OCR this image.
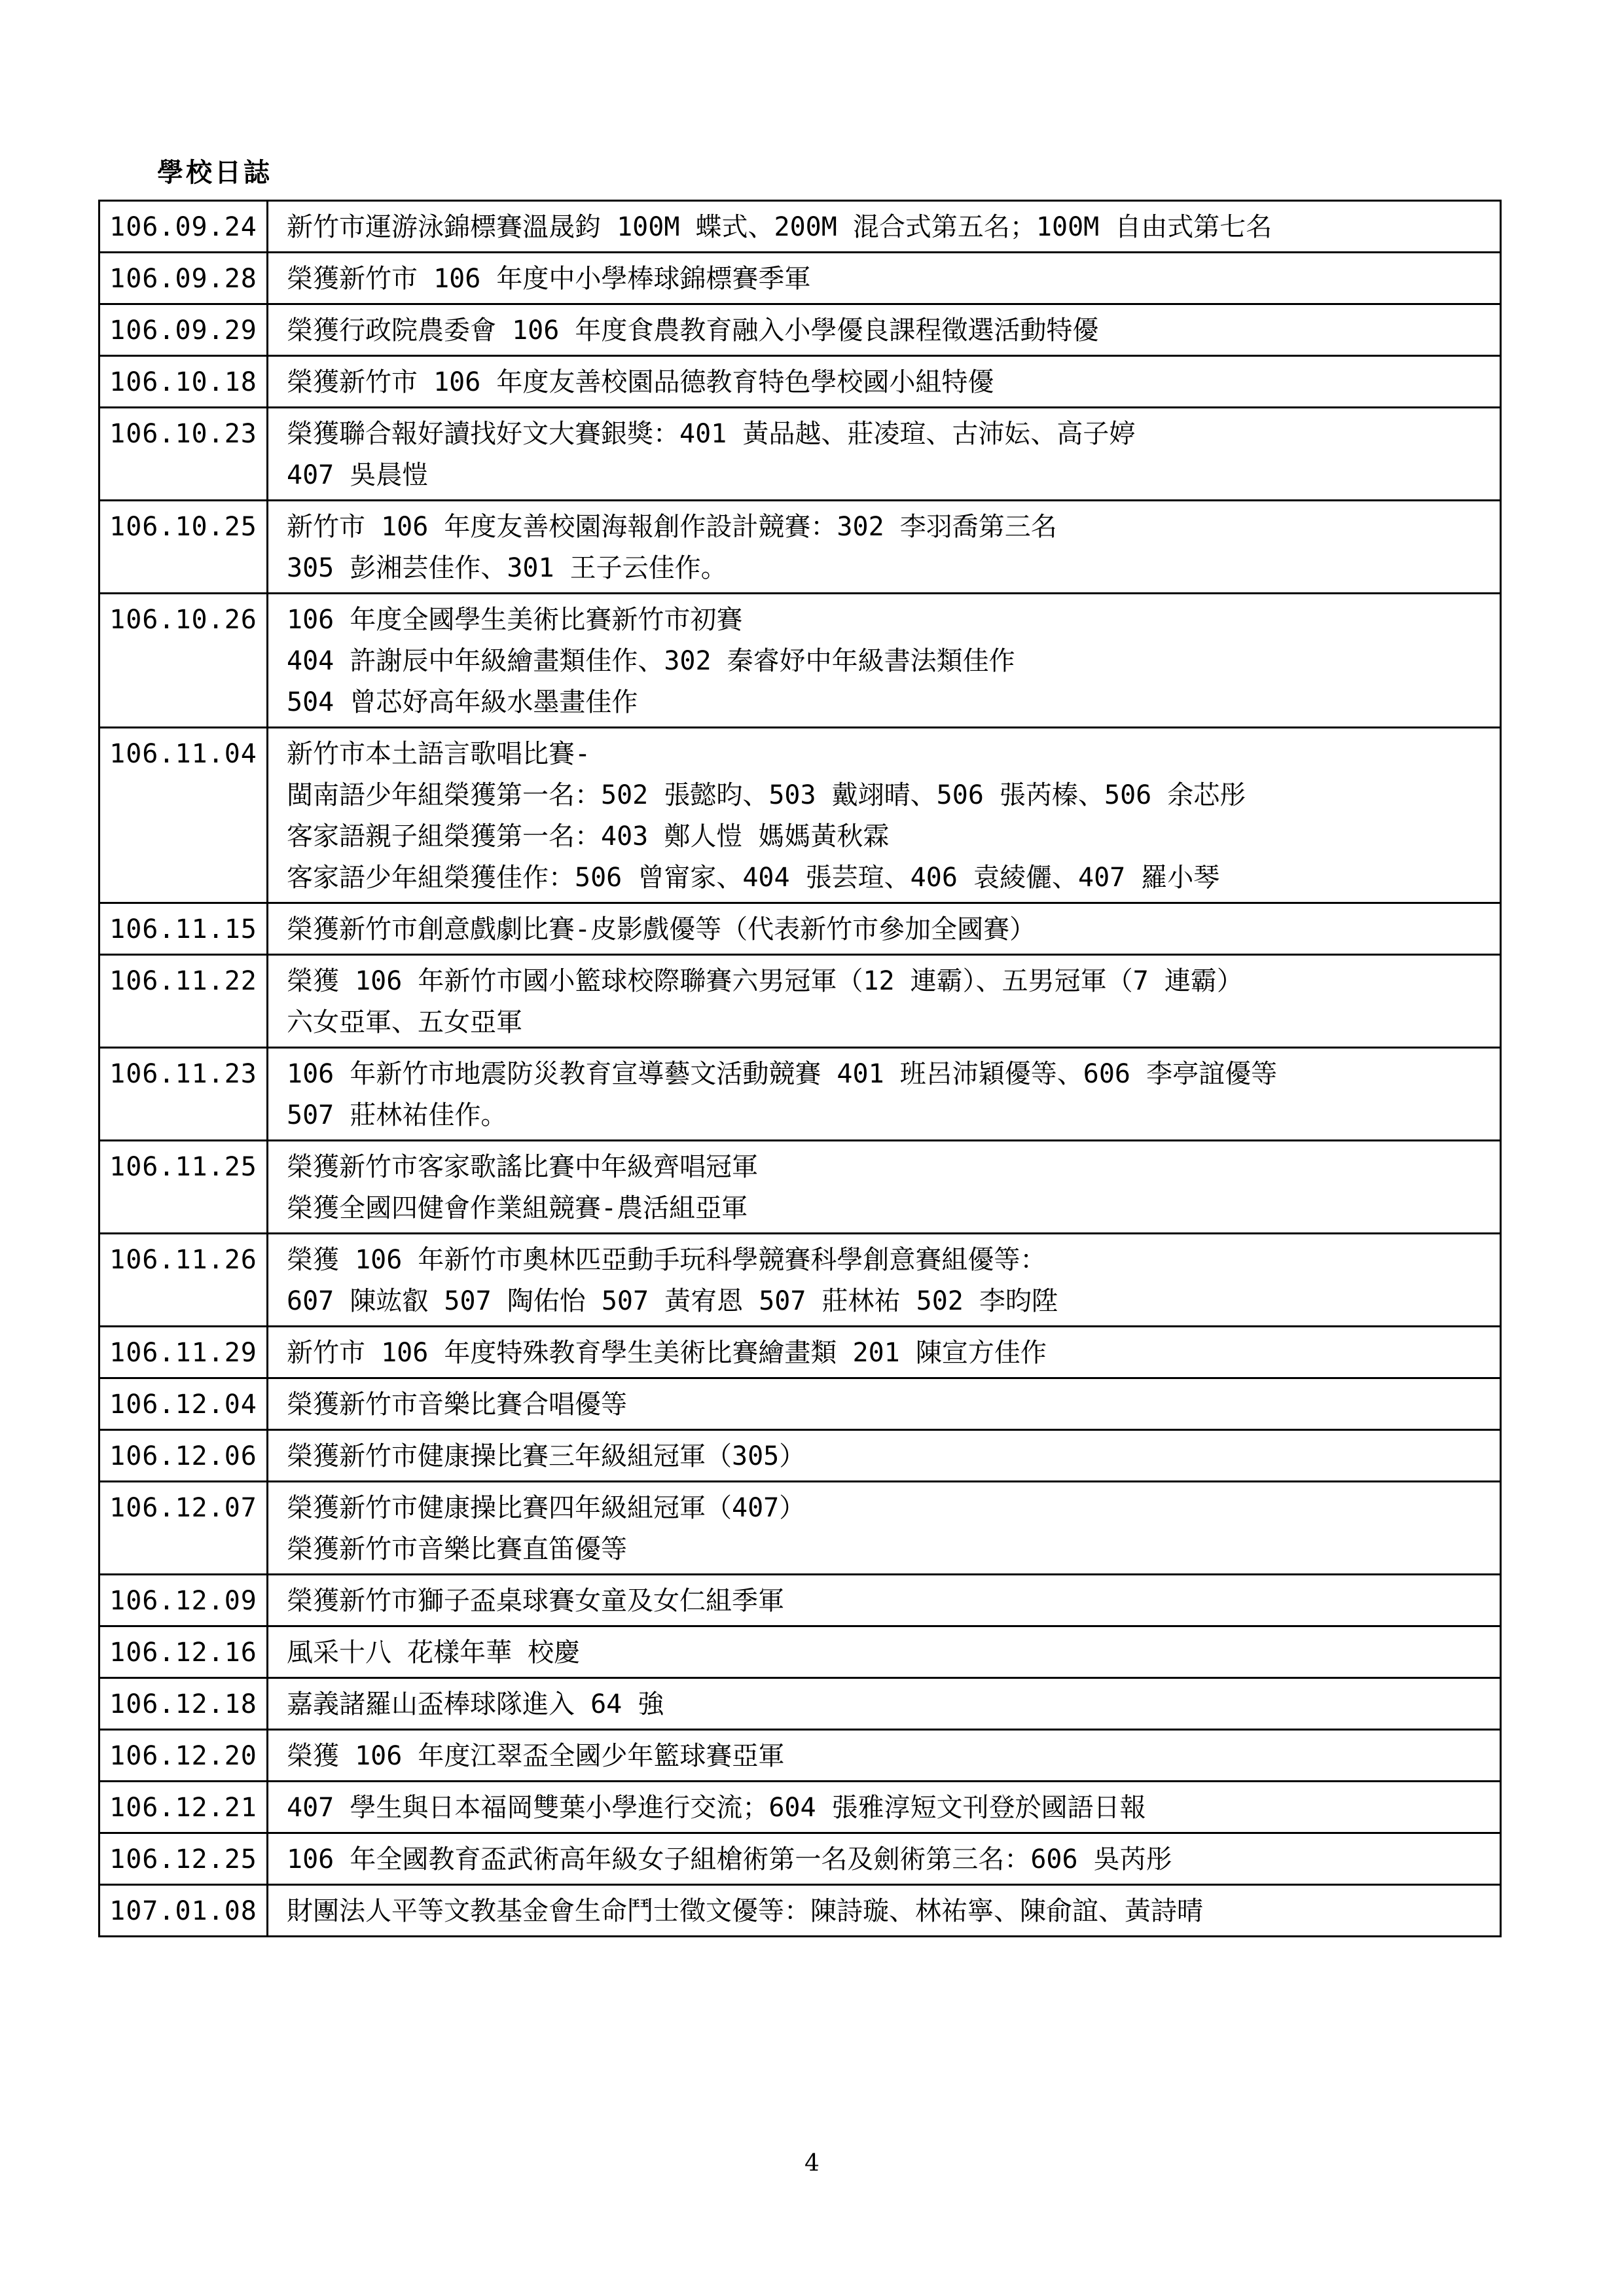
學校日誌
106.09.24	新竹市運游泳錦標賽溫晟鈞 100M 蝶式、200M 混合式第五名；100M 自由式第七名

106.09.28	榮獲新竹市 106 年度中小學棒球錦標賽季軍

106.09.29	榮獲行政院農委會 106 年度食農教育融入小學優良課程徵選活動特優

106.10.18	榮獲新竹市 106 年度友善校園品德教育特色學校國小組特優

106.10.23	榮獲聯合報好讀找好文大賽銀獎：401 黃品越、莊凌瑄、古沛妘、高子婷
407 吳晨愷

106.10.25	新竹市 106 年度友善校園海報創作設計競賽：302 李羽喬第三名
305 彭湘芸佳作、301 王子云佳作。

106.10.26	106 年度全國學生美術比賽新竹市初賽
404 許謝辰中年級繪畫類佳作、302 秦睿妤中年級書法類佳作
504 曾芯妤高年級水墨畫佳作

106.11.04	新竹市本土語言歌唱比賽-
閩南語少年組榮獲第一名：502 張懿昀、503 戴翊晴、506 張芮榛、506 余芯彤
客家語親子組榮獲第一名：403 鄭人愷 媽媽黃秋霖
客家語少年組榮獲佳作：506 曾甯家、404 張芸瑄、406 袁綾儷、407 羅小琴

106.11.15	榮獲新竹市創意戲劇比賽-皮影戲優等（代表新竹市參加全國賽）

106.11.22	榮獲 106 年新竹市國小籃球校際聯賽六男冠軍（12 連霸）、五男冠軍（7 連霸）
六女亞軍、五女亞軍

106.11.23	106 年新竹市地震防災教育宣導藝文活動競賽 401 班呂沛穎優等、606 李亭誼優等
507 莊林祐佳作。

106.11.25	榮獲新竹市客家歌謠比賽中年級齊唱冠軍
榮獲全國四健會作業組競賽-農活組亞軍

106.11.26	榮獲 106 年新竹市奧林匹亞動手玩科學競賽科學創意賽組優等：
607 陳竑叡 507 陶佑怡 507 黃宥恩 507 莊林祐 502 李昀陞

106.11.29	新竹市 106 年度特殊教育學生美術比賽繪畫類 201 陳宣方佳作

106.12.04	榮獲新竹市音樂比賽合唱優等

106.12.06	榮獲新竹市健康操比賽三年級組冠軍（305）

106.12.07	榮獲新竹市健康操比賽四年級組冠軍（407）
榮獲新竹市音樂比賽直笛優等

106.12.09	榮獲新竹市獅子盃桌球賽女童及女仁組季軍

106.12.16	風采十八 花樣年華 校慶

106.12.18	嘉義諸羅山盃棒球隊進入 64 強

106.12.20	榮獲 106 年度江翠盃全國少年籃球賽亞軍

106.12.21	407 學生與日本福岡雙葉小學進行交流；604 張雅淳短文刊登於國語日報

106.12.25	106 年全國教育盃武術高年級女子組槍術第一名及劍術第三名：606 吳芮彤

107.01.08	財團法人平等文教基金會生命鬥士徵文優等：陳詩璇、林祐寧、陳俞誼、黃詩晴
4
